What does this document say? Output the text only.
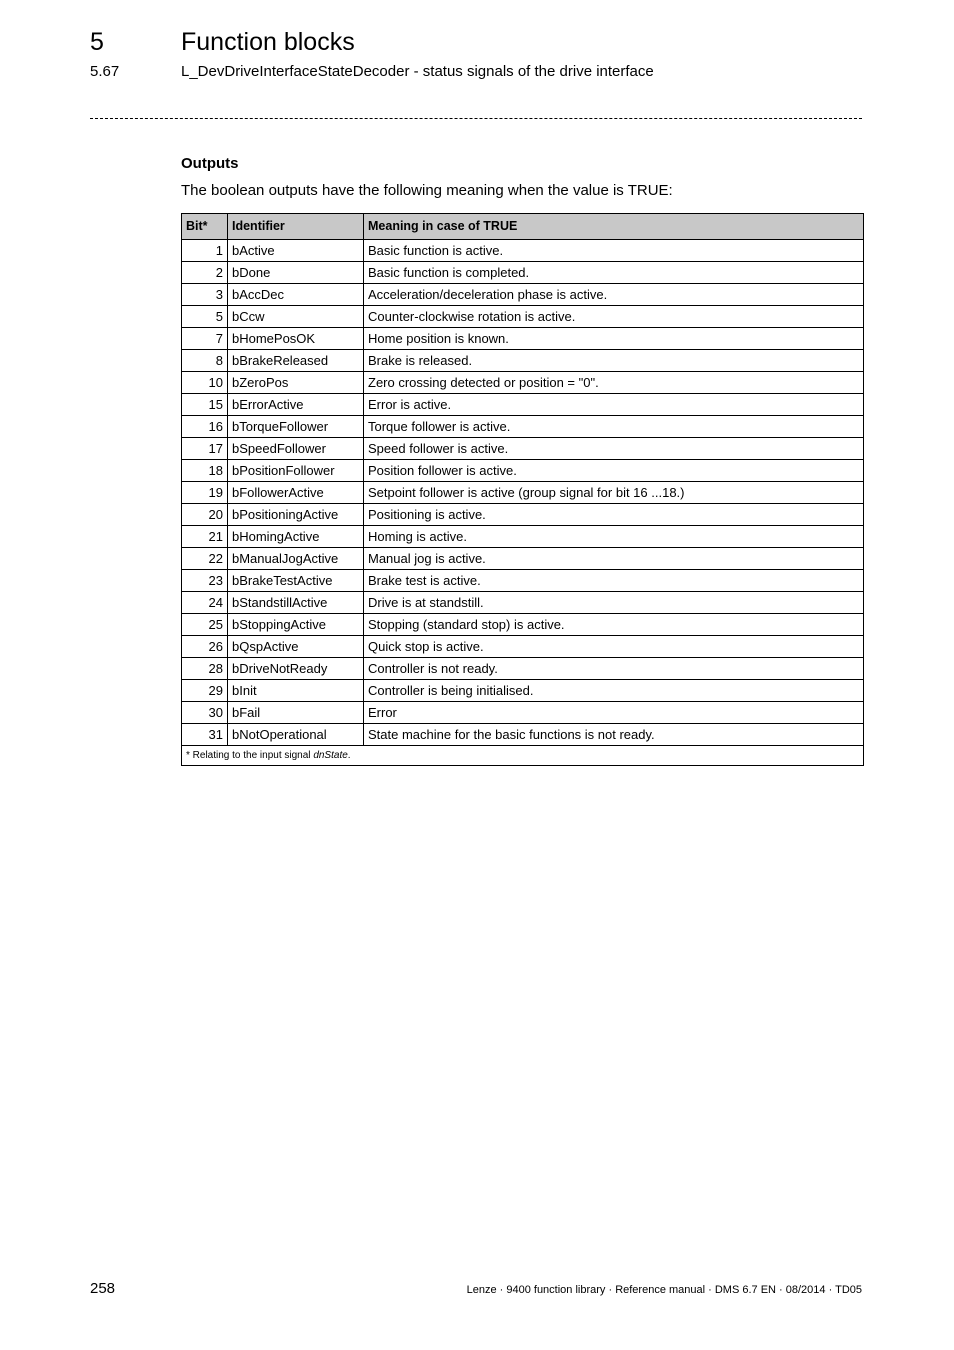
5	Function blocks
5.67	L_DevDriveInterfaceStateDecoder - status signals of the drive interface
Outputs
The boolean outputs have the following meaning when the value is TRUE:
Bit*	Identifier	Meaning in case of TRUE
1	bActive	Basic function is active.
2	bDone	Basic function is completed.
3	bAccDec	Acceleration/deceleration phase is active.
5	bCcw	Counter-clockwise rotation is active.
7	bHomePosOK	Home position is known.
8	bBrakeReleased	Brake is released.
10	bZeroPos	Zero crossing detected or position = "0".
15	bErrorActive	Error is active.
16	bTorqueFollower	Torque follower is active.
17	bSpeedFollower	Speed follower is active.
18	bPositionFollower	Position follower is active.
19	bFollowerActive	Setpoint follower is active (group signal for bit 16 ...18.)
20	bPositioningActive	Positioning is active.
21	bHomingActive	Homing is active.
22	bManualJogActive	Manual jog is active.
23	bBrakeTestActive	Brake test is active.
24	bStandstillActive	Drive is at standstill.
25	bStoppingActive	Stopping (standard stop) is active.
26	bQspActive	Quick stop is active.
28	bDriveNotReady	Controller is not ready.
29	bInit	Controller is being initialised.
30	bFail	Error
31	bNotOperational	State machine for the basic functions is not ready.
* Relating to the input signal dnState.		
258	Lenze · 9400 function library · Reference manual · DMS 6.7 EN · 08/2014 · TD05
